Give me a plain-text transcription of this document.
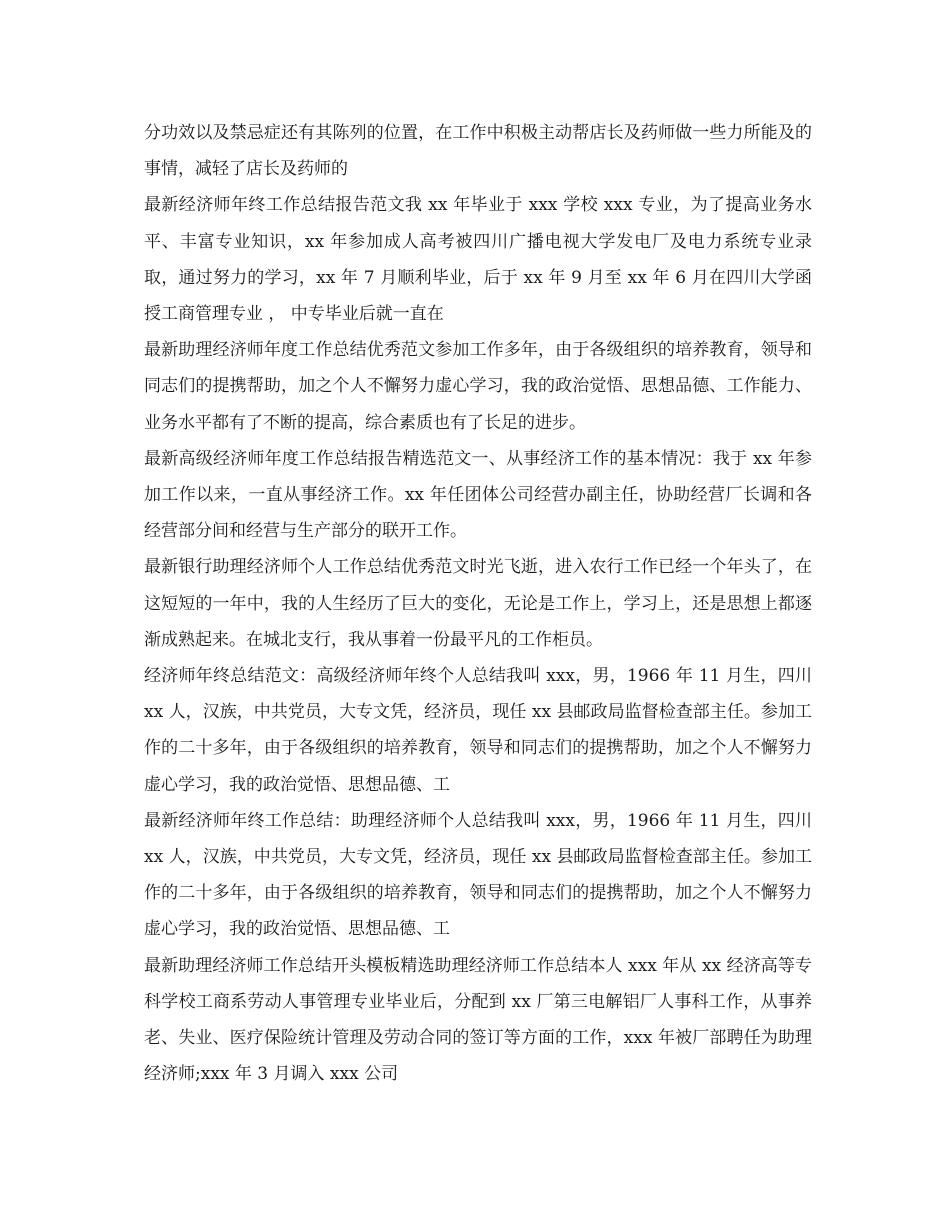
分功效以及禁忌症还有其陈列的位置，在工作中积极主动帮店长及药师做一些力所能及的事情，减轻了店长及药师的

最新经济师年终工作总结报告范文我 xx 年毕业于 xxx 学校 xxx 专业，为了提高业务水平、丰富专业知识，xx 年参加成人高考被四川广播电视大学发电厂及电力系统专业录取，通过努力的学习，xx 年 7 月顺利毕业，后于 xx 年 9 月至 xx 年 6 月在四川大学函授工商管理专业 ， 中专毕业后就一直在

最新助理经济师年度工作总结优秀范文参加工作多年，由于各级组织的培养教育，领导和同志们的提携帮助，加之个人不懈努力虚心学习，我的政治觉悟、思想品德、工作能力、业务水平都有了不断的提高，综合素质也有了长足的进步。

最新高级经济师年度工作总结报告精选范文一、从事经济工作的基本情况：我于 xx 年参加工作以来，一直从事经济工作。xx 年任团体公司经营办副主任，协助经营厂长调和各经营部分间和经营与生产部分的联开工作。

最新银行助理经济师个人工作总结优秀范文时光飞逝，进入农行工作已经一个年头了，在这短短的一年中，我的人生经历了巨大的变化，无论是工作上，学习上，还是思想上都逐渐成熟起来。在城北支行，我从事着一份最平凡的工作柜员。

经济师年终总结范文：高级经济师年终个人总结我叫 xxx，男，1966 年 11 月生，四川 xx 人，汉族，中共党员，大专文凭，经济员，现任 xx 县邮政局监督检查部主任。参加工作的二十多年，由于各级组织的培养教育，领导和同志们的提携帮助，加之个人不懈努力虚心学习，我的政治觉悟、思想品德、工

最新经济师年终工作总结：助理经济师个人总结我叫 xxx，男，1966 年 11 月生，四川 xx 人，汉族，中共党员，大专文凭，经济员，现任 xx 县邮政局监督检查部主任。参加工作的二十多年，由于各级组织的培养教育，领导和同志们的提携帮助，加之个人不懈努力虚心学习，我的政治觉悟、思想品德、工

最新助理经济师工作总结开头模板精选助理经济师工作总结本人 xxx 年从 xx 经济高等专科学校工商系劳动人事管理专业毕业后，分配到 xx 厂第三电解铝厂人事科工作，从事养老、失业、医疗保险统计管理及劳动合同的签订等方面的工作，xxx 年被厂部聘任为助理经济师;xxx 年 3 月调入 xxx 公司
